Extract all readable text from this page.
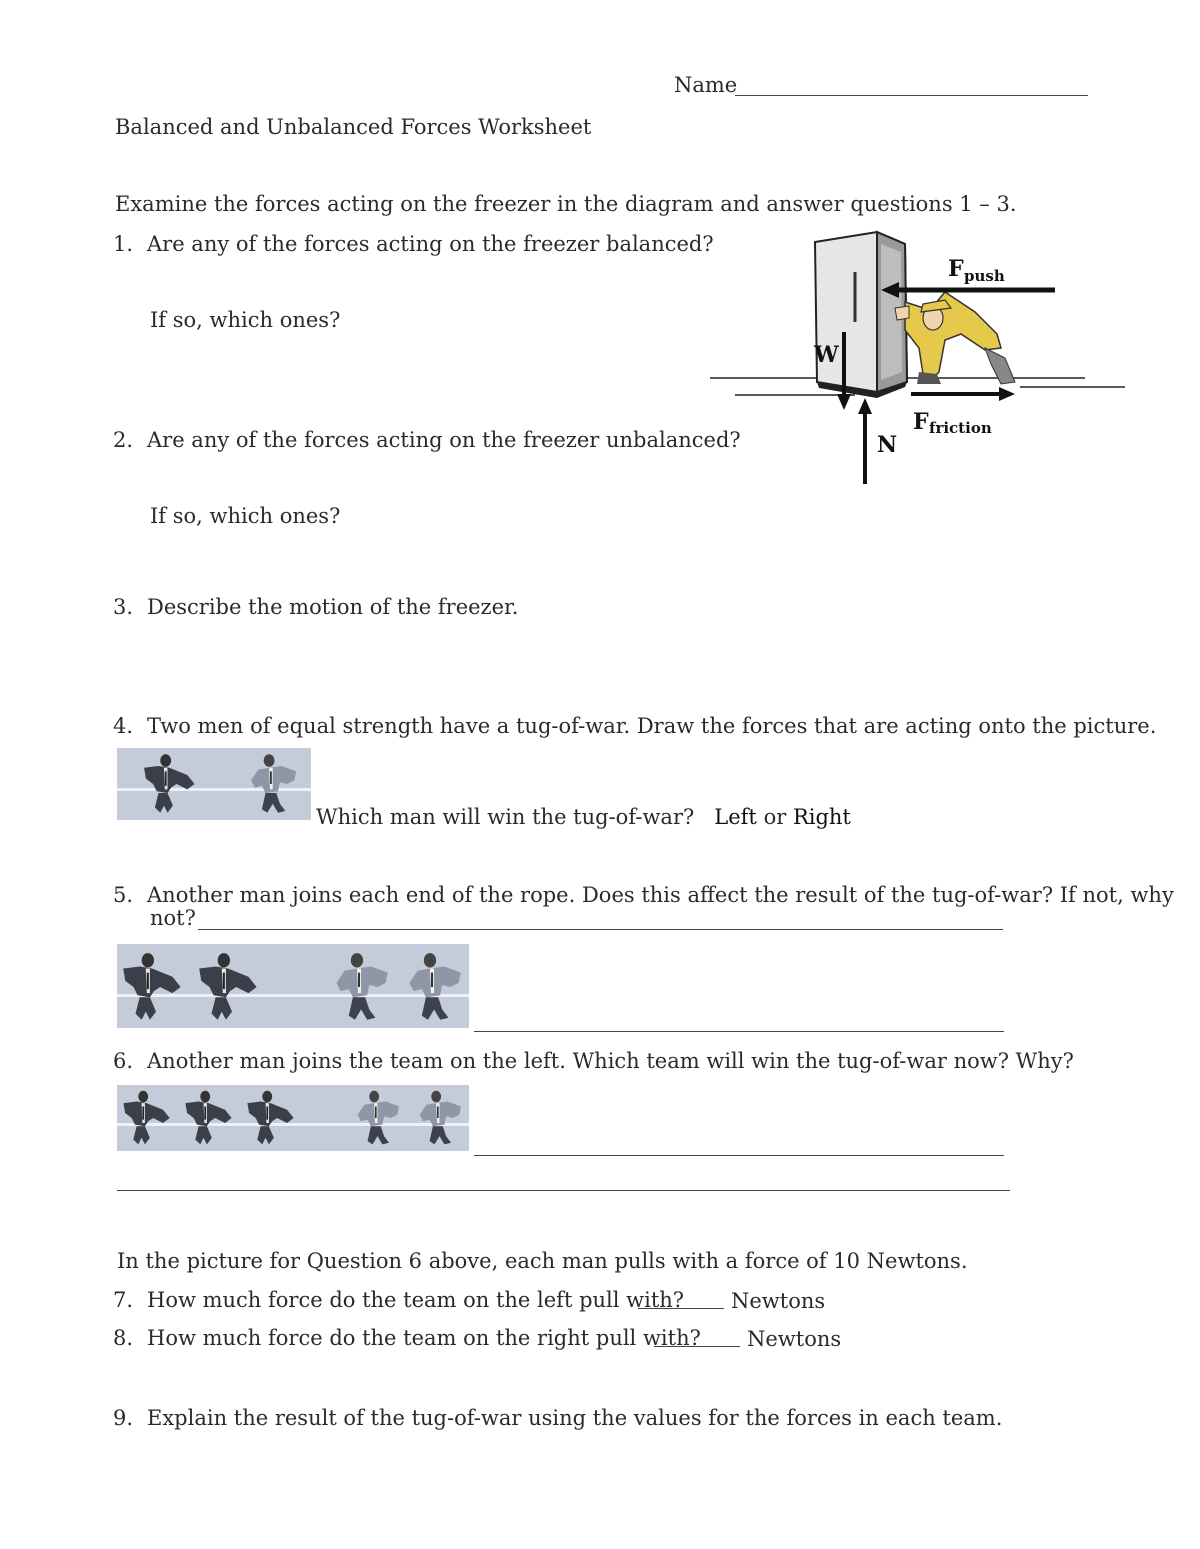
Name
Balanced and Unbalanced Forces Worksheet
Examine the forces acting on the freezer in the diagram and answer questions 1 – 3.
1. Are any of the forces acting on the freezer balanced?
If so, which ones?
F push
F friction
W
N
2. Are any of the forces acting on the freezer unbalanced?
If so, which ones?
3. Describe the motion of the freezer.
4. Two men of equal strength have a tug-of-war. Draw the forces that are acting onto the picture.
Which man will win the tug-of-war? Left or Right
5. Another man joins each end of the rope. Does this affect the result of the tug-of-war? If not, why
not?
6. Another man joins the team on the left. Which team will win the tug-of-war now? Why?
In the picture for Question 6 above, each man pulls with a force of 10 Newtons.
7. How much force do the team on the left pull with? Newtons
8. How much force do the team on the right pull with? Newtons
9. Explain the result of the tug-of-war using the values for the forces in each team.
